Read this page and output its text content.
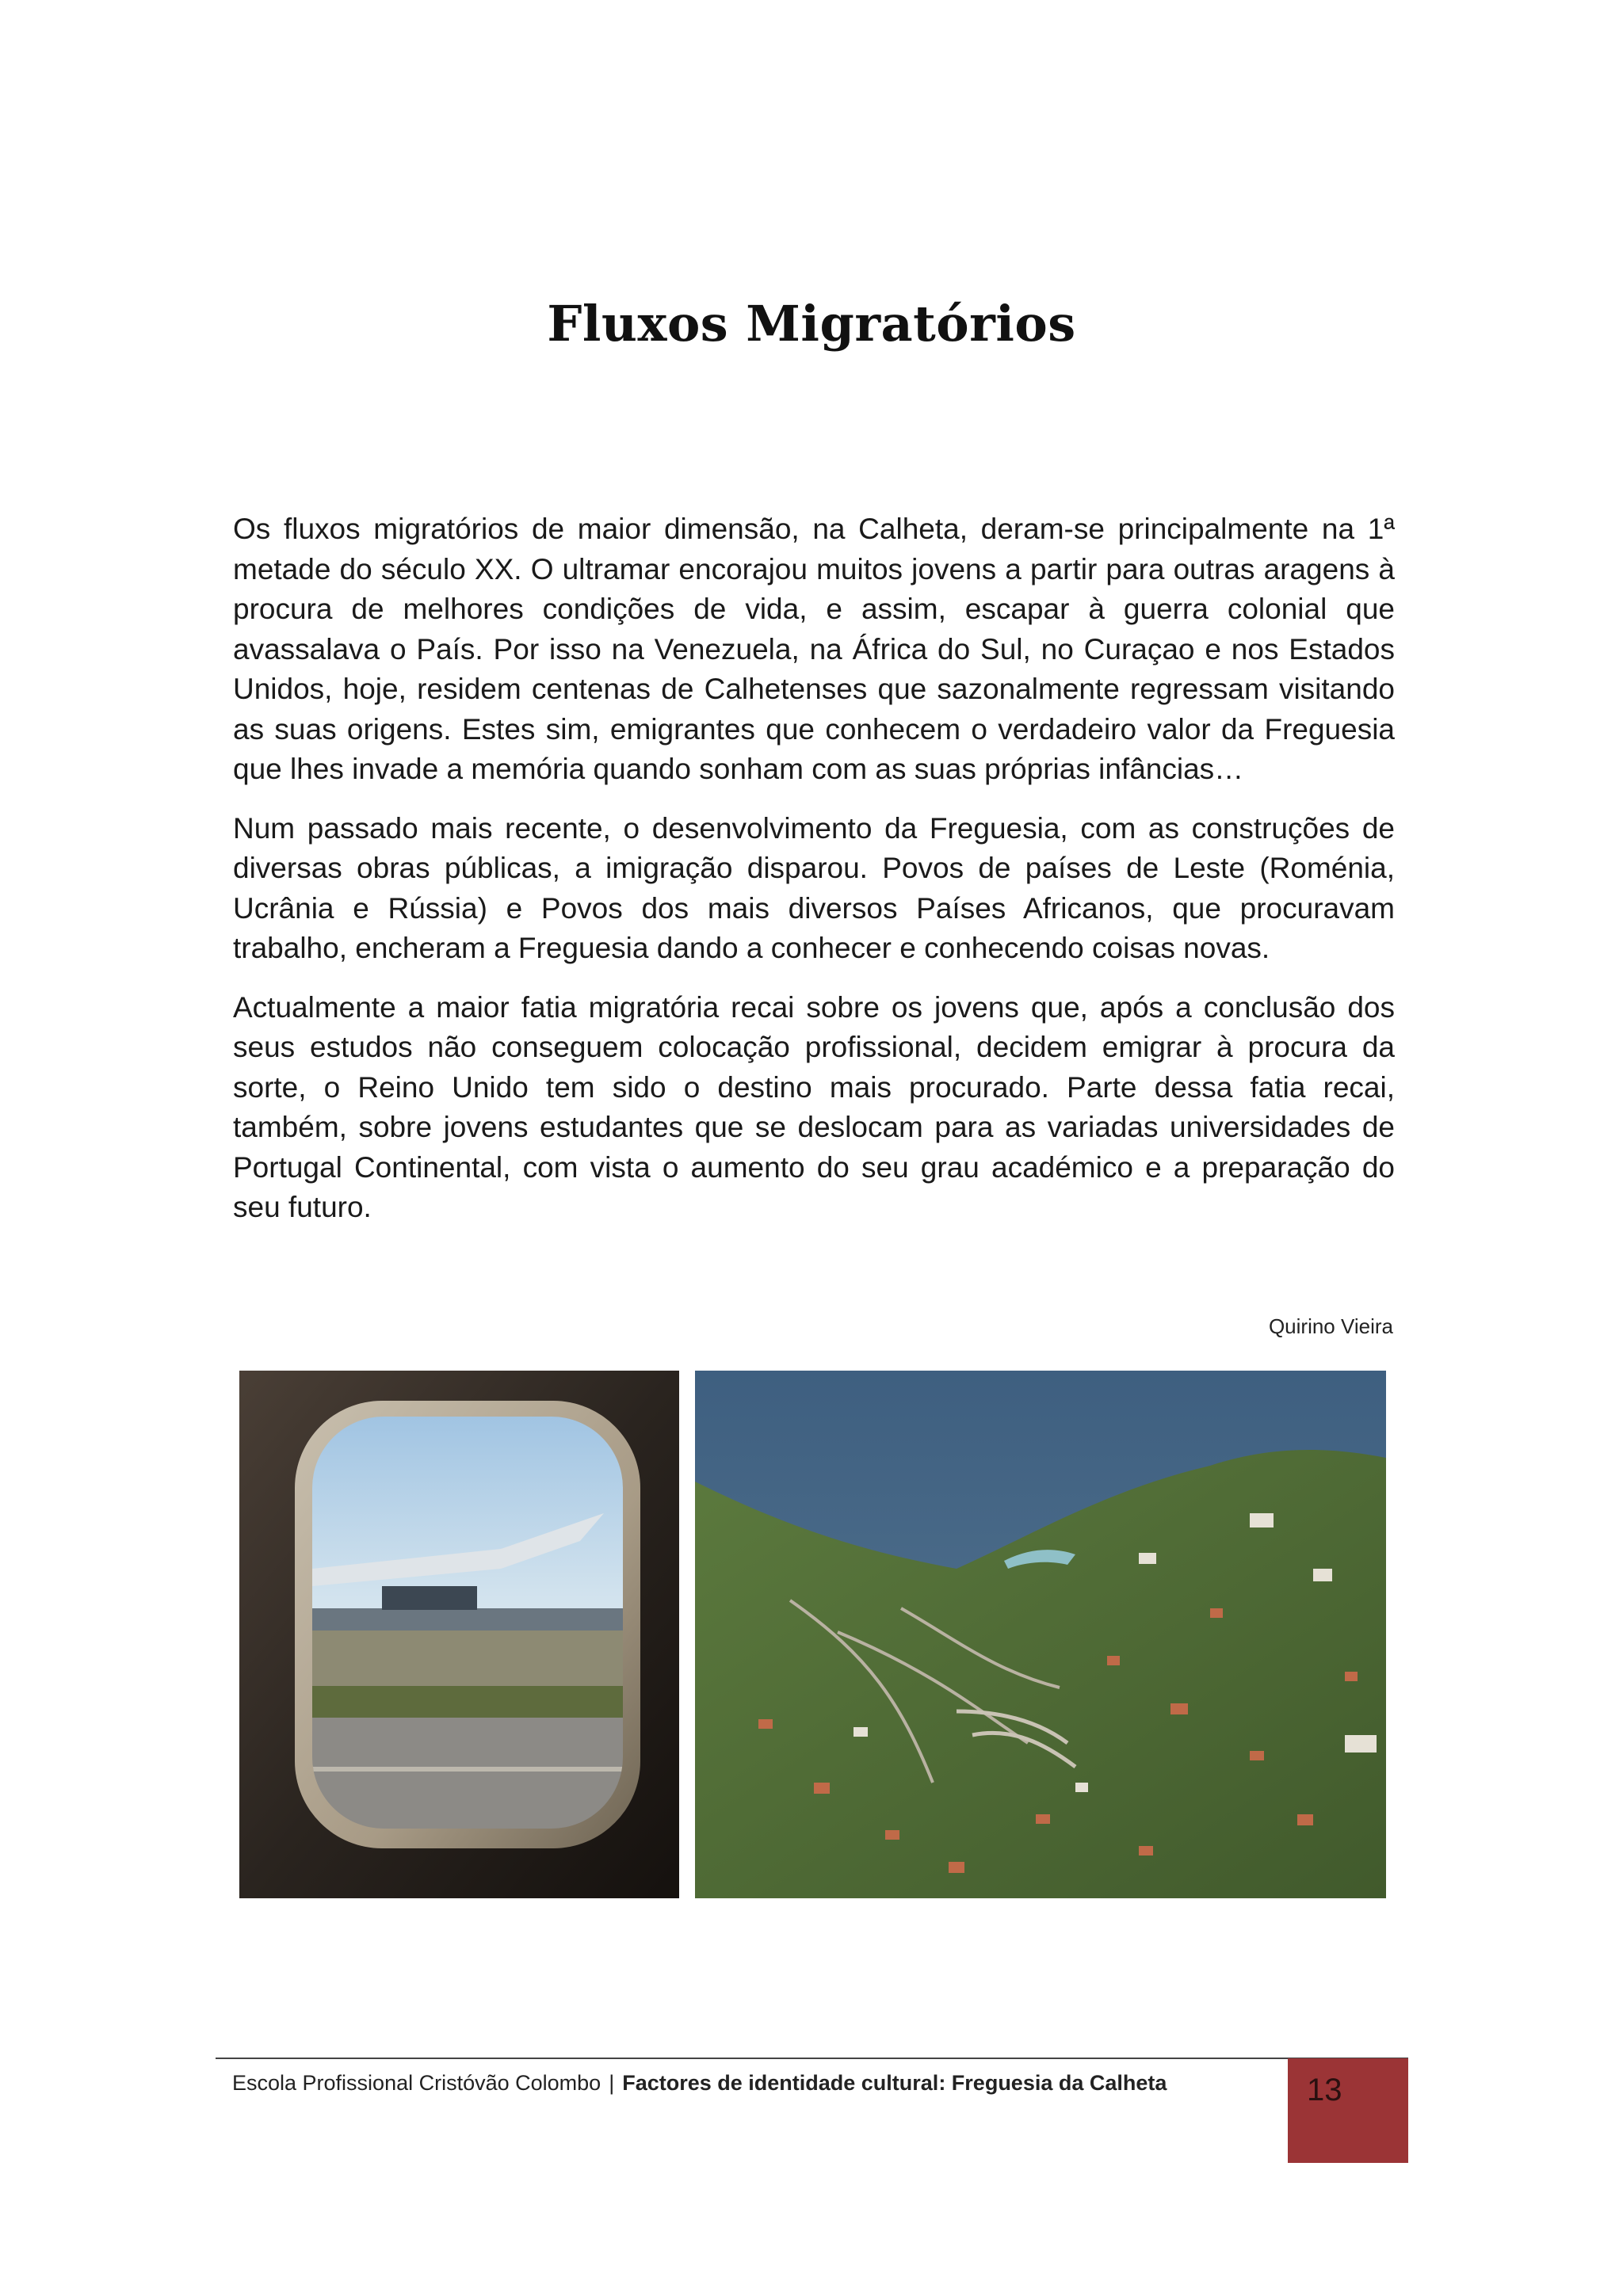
Fluxos Migratórios

Os fluxos migratórios de maior dimensão, na Calheta, deram-se principalmente na 1ª metade do século XX. O ultramar encorajou muitos jovens a partir para outras aragens à procura de melhores condições de vida, e assim, escapar à guerra colonial que avassalava o País. Por isso na Venezuela, na África do Sul, no Curaçao e nos Estados Unidos, hoje, residem centenas de Calhetenses que sazonalmente regressam visitando as suas origens. Estes sim, emigrantes que conhecem o verdadeiro valor da Freguesia que lhes invade a memória quando sonham com as suas próprias infâncias…

Num passado mais recente, o desenvolvimento da Freguesia, com as construções de diversas obras públicas, a imigração disparou. Povos de países de Leste (Roménia, Ucrânia e Rússia) e Povos dos mais diversos Países Africanos, que procuravam trabalho, encheram a Freguesia dando a conhecer e conhecendo coisas novas.

Actualmente a maior fatia migratória recai sobre os jovens que, após a conclusão dos seus estudos não conseguem colocação profissional, decidem emigrar à procura da sorte, o Reino Unido tem sido o destino mais procurado. Parte dessa fatia recai, também, sobre jovens estudantes que se deslocam para as variadas universidades de Portugal Continental, com vista o aumento do seu grau académico e a preparação do seu futuro.

Quirino Vieira
Escola Profissional Cristóvão Colombo | Factores de identidade cultural: Freguesia da Calheta	13
